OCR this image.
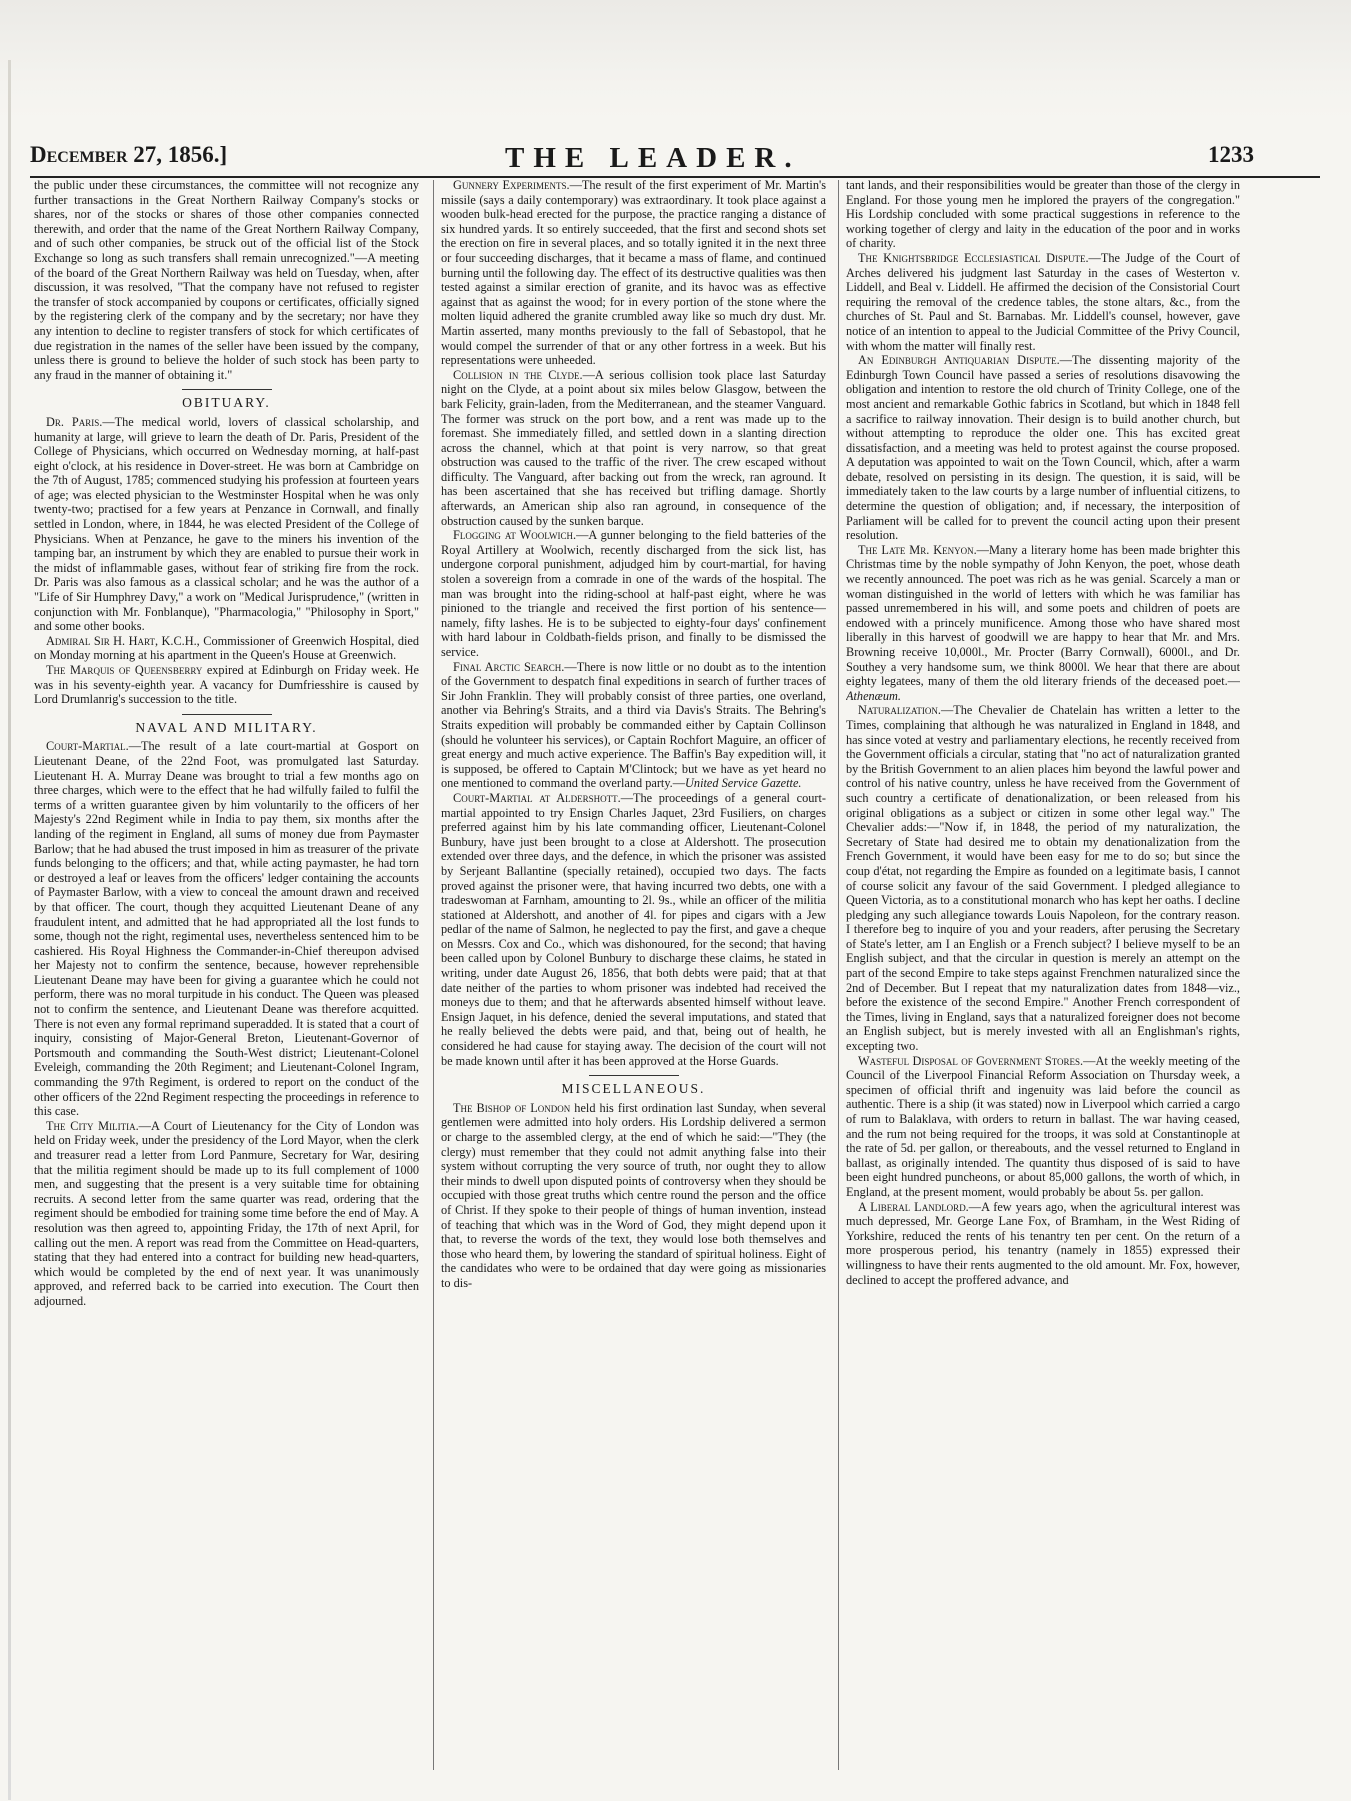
December 27, 1856.]	THE LEADER.	1233

the public under these circumstances, the committee will not recognize any further transactions in the Great Northern Railway Company's stocks or shares, nor of the stocks or shares of those other companies connected therewith, and order that the name of the Great Northern Railway Company, and of such other companies, be struck out of the official list of the Stock Exchange so long as such transfers shall remain unrecognized."—A meeting of the board of the Great Northern Railway was held on Tuesday, when, after discussion, it was resolved, "That the company have not refused to register the transfer of stock accompanied by coupons or certificates, officially signed by the registering clerk of the company and by the secretary; nor have they any intention to decline to register transfers of stock for which certificates of due registration in the names of the seller have been issued by the company, unless there is ground to believe the holder of such stock has been party to any fraud in the manner of obtaining it."

OBITUARY.

Dr. Paris.—The medical world, lovers of classical scholarship, and humanity at large, will grieve to learn the death of Dr. Paris, President of the College of Physicians, which occurred on Wednesday morning, at half-past eight o'clock, at his residence in Dover-street. He was born at Cambridge on the 7th of August, 1785; commenced studying his profession at fourteen years of age; was elected physician to the Westminster Hospital when he was only twenty-two; practised for a few years at Penzance in Cornwall, and finally settled in London, where, in 1844, he was elected President of the College of Physicians. When at Penzance, he gave to the miners his invention of the tamping bar, an instrument by which they are enabled to pursue their work in the midst of inflammable gases, without fear of striking fire from the rock. Dr. Paris was also famous as a classical scholar; and he was the author of a "Life of Sir Humphrey Davy," a work on "Medical Jurisprudence," (written in conjunction with Mr. Fonblanque), "Pharmacologia," "Philosophy in Sport," and some other books.

Admiral Sir H. Hart, K.C.H., Commissioner of Greenwich Hospital, died on Monday morning at his apartment in the Queen's House at Greenwich.

The Marquis of Queensberry expired at Edinburgh on Friday week. He was in his seventy-eighth year. A vacancy for Dumfriesshire is caused by Lord Drumlanrig's succession to the title.

NAVAL AND MILITARY.

Court-Martial.—The result of a late court-martial at Gosport on Lieutenant Deane, of the 22nd Foot, was promulgated last Saturday. Lieutenant H. A. Murray Deane was brought to trial a few months ago on three charges, which were to the effect that he had wilfully failed to fulfil the terms of a written guarantee given by him voluntarily to the officers of her Majesty's 22nd Regiment while in India to pay them, six months after the landing of the regiment in England, all sums of money due from Paymaster Barlow; that he had abused the trust imposed in him as treasurer of the private funds belonging to the officers; and that, while acting paymaster, he had torn or destroyed a leaf or leaves from the officers' ledger containing the accounts of Paymaster Barlow, with a view to conceal the amount drawn and received by that officer. The court, though they acquitted Lieutenant Deane of any fraudulent intent, and admitted that he had appropriated all the lost funds to some, though not the right, regimental uses, nevertheless sentenced him to be cashiered. His Royal Highness the Commander-in-Chief thereupon advised her Majesty not to confirm the sentence, because, however reprehensible Lieutenant Deane may have been for giving a guarantee which he could not perform, there was no moral turpitude in his conduct. The Queen was pleased not to confirm the sentence, and Lieutenant Deane was therefore acquitted. There is not even any formal reprimand superadded. It is stated that a court of inquiry, consisting of Major-General Breton, Lieutenant-Governor of Portsmouth and commanding the South-West district; Lieutenant-Colonel Eveleigh, commanding the 20th Regiment; and Lieutenant-Colonel Ingram, commanding the 97th Regiment, is ordered to report on the conduct of the other officers of the 22nd Regiment respecting the proceedings in reference to this case.

The City Militia.—A Court of Lieutenancy for the City of London was held on Friday week, under the presidency of the Lord Mayor, when the clerk and treasurer read a letter from Lord Panmure, Secretary for War, desiring that the militia regiment should be made up to its full complement of 1000 men, and suggesting that the present is a very suitable time for obtaining recruits. A second letter from the same quarter was read, ordering that the regiment should be embodied for training some time before the end of May. A resolution was then agreed to, appointing Friday, the 17th of next April, for calling out the men. A report was read from the Committee on Head-quarters, stating that they had entered into a contract for building new head-quarters, which would be completed by the end of next year. It was unanimously approved, and referred back to be carried into execution. The Court then adjourned.

Gunnery Experiments.—The result of the first experiment of Mr. Martin's missile (says a daily contemporary) was extraordinary. It took place against a wooden bulk-head erected for the purpose, the practice ranging a distance of six hundred yards. It so entirely succeeded, that the first and second shots set the erection on fire in several places, and so totally ignited it in the next three or four succeeding discharges, that it became a mass of flame, and continued burning until the following day. The effect of its destructive qualities was then tested against a similar erection of granite, and its havoc was as effective against that as against the wood; for in every portion of the stone where the molten liquid adhered the granite crumbled away like so much dry dust. Mr. Martin asserted, many months previously to the fall of Sebastopol, that he would compel the surrender of that or any other fortress in a week. But his representations were unheeded.

Collision in the Clyde.—A serious collision took place last Saturday night on the Clyde, at a point about six miles below Glasgow, between the bark Felicity, grain-laden, from the Mediterranean, and the steamer Vanguard. The former was struck on the port bow, and a rent was made up to the foremast. She immediately filled, and settled down in a slanting direction across the channel, which at that point is very narrow, so that great obstruction was caused to the traffic of the river. The crew escaped without difficulty. The Vanguard, after backing out from the wreck, ran aground. It has been ascertained that she has received but trifling damage. Shortly afterwards, an American ship also ran aground, in consequence of the obstruction caused by the sunken barque.

Flogging at Woolwich.—A gunner belonging to the field batteries of the Royal Artillery at Woolwich, recently discharged from the sick list, has undergone corporal punishment, adjudged him by court-martial, for having stolen a sovereign from a comrade in one of the wards of the hospital. The man was brought into the riding-school at half-past eight, where he was pinioned to the triangle and received the first portion of his sentence—namely, fifty lashes. He is to be subjected to eighty-four days' confinement with hard labour in Coldbath-fields prison, and finally to be dismissed the service.

Final Arctic Search.—There is now little or no doubt as to the intention of the Government to despatch final expeditions in search of further traces of Sir John Franklin. They will probably consist of three parties, one overland, another via Behring's Straits, and a third via Davis's Straits. The Behring's Straits expedition will probably be commanded either by Captain Collinson (should he volunteer his services), or Captain Rochfort Maguire, an officer of great energy and much active experience. The Baffin's Bay expedition will, it is supposed, be offered to Captain M'Clintock; but we have as yet heard no one mentioned to command the overland party.—United Service Gazette.

Court-Martial at Aldershott.—The proceedings of a general court-martial appointed to try Ensign Charles Jaquet, 23rd Fusiliers, on charges preferred against him by his late commanding officer, Lieutenant-Colonel Bunbury, have just been brought to a close at Aldershott. The prosecution extended over three days, and the defence, in which the prisoner was assisted by Serjeant Ballantine (specially retained), occupied two days. The facts proved against the prisoner were, that having incurred two debts, one with a tradeswoman at Farnham, amounting to 2l. 9s., while an officer of the militia stationed at Aldershott, and another of 4l. for pipes and cigars with a Jew pedlar of the name of Salmon, he neglected to pay the first, and gave a cheque on Messrs. Cox and Co., which was dishonoured, for the second; that having been called upon by Colonel Bunbury to discharge these claims, he stated in writing, under date August 26, 1856, that both debts were paid; that at that date neither of the parties to whom prisoner was indebted had received the moneys due to them; and that he afterwards absented himself without leave. Ensign Jaquet, in his defence, denied the several imputations, and stated that he really believed the debts were paid, and that, being out of health, he considered he had cause for staying away. The decision of the court will not be made known until after it has been approved at the Horse Guards.

MISCELLANEOUS.

The Bishop of London held his first ordination last Sunday, when several gentlemen were admitted into holy orders. His Lordship delivered a sermon or charge to the assembled clergy, at the end of which he said:—"They (the clergy) must remember that they could not admit anything false into their system without corrupting the very source of truth, nor ought they to allow their minds to dwell upon disputed points of controversy when they should be occupied with those great truths which centre round the person and the office of Christ. If they spoke to their people of things of human invention, instead of teaching that which was in the Word of God, they might depend upon it that, to reverse the words of the text, they would lose both themselves and those who heard them, by lowering the standard of spiritual holiness. Eight of the candidates who were to be ordained that day were going as missionaries to dis-

tant lands, and their responsibilities would be greater than those of the clergy in England. For those young men he implored the prayers of the congregation." His Lordship concluded with some practical suggestions in reference to the working together of clergy and laity in the education of the poor and in works of charity.

The Knightsbridge Ecclesiastical Dispute.—The Judge of the Court of Arches delivered his judgment last Saturday in the cases of Westerton v. Liddell, and Beal v. Liddell. He affirmed the decision of the Consistorial Court requiring the removal of the credence tables, the stone altars, &c., from the churches of St. Paul and St. Barnabas. Mr. Liddell's counsel, however, gave notice of an intention to appeal to the Judicial Committee of the Privy Council, with whom the matter will finally rest.

An Edinburgh Antiquarian Dispute.—The dissenting majority of the Edinburgh Town Council have passed a series of resolutions disavowing the obligation and intention to restore the old church of Trinity College, one of the most ancient and remarkable Gothic fabrics in Scotland, but which in 1848 fell a sacrifice to railway innovation. Their design is to build another church, but without attempting to reproduce the older one. This has excited great dissatisfaction, and a meeting was held to protest against the course proposed. A deputation was appointed to wait on the Town Council, which, after a warm debate, resolved on persisting in its design. The question, it is said, will be immediately taken to the law courts by a large number of influential citizens, to determine the question of obligation; and, if necessary, the interposition of Parliament will be called for to prevent the council acting upon their present resolution.

The Late Mr. Kenyon.—Many a literary home has been made brighter this Christmas time by the noble sympathy of John Kenyon, the poet, whose death we recently announced. The poet was rich as he was genial. Scarcely a man or woman distinguished in the world of letters with which he was familiar has passed unremembered in his will, and some poets and children of poets are endowed with a princely munificence. Among those who have shared most liberally in this harvest of goodwill we are happy to hear that Mr. and Mrs. Browning receive 10,000l., Mr. Procter (Barry Cornwall), 6000l., and Dr. Southey a very handsome sum, we think 8000l. We hear that there are about eighty legatees, many of them the old literary friends of the deceased poet.—Athenæum.

Naturalization.—The Chevalier de Chatelain has written a letter to the Times, complaining that although he was naturalized in England in 1848, and has since voted at vestry and parliamentary elections, he recently received from the Government officials a circular, stating that "no act of naturalization granted by the British Government to an alien places him beyond the lawful power and control of his native country, unless he have received from the Government of such country a certificate of denationalization, or been released from his original obligations as a subject or citizen in some other legal way." The Chevalier adds:—"Now if, in 1848, the period of my naturalization, the Secretary of State had desired me to obtain my denationalization from the French Government, it would have been easy for me to do so; but since the coup d'état, not regarding the Empire as founded on a legitimate basis, I cannot of course solicit any favour of the said Government. I pledged allegiance to Queen Victoria, as to a constitutional monarch who has kept her oaths. I decline pledging any such allegiance towards Louis Napoleon, for the contrary reason. I therefore beg to inquire of you and your readers, after perusing the Secretary of State's letter, am I an English or a French subject? I believe myself to be an English subject, and that the circular in question is merely an attempt on the part of the second Empire to take steps against Frenchmen naturalized since the 2nd of December. But I repeat that my naturalization dates from 1848—viz., before the existence of the second Empire." Another French correspondent of the Times, living in England, says that a naturalized foreigner does not become an English subject, but is merely invested with all an Englishman's rights, excepting two.

Wasteful Disposal of Government Stores.—At the weekly meeting of the Council of the Liverpool Financial Reform Association on Thursday week, a specimen of official thrift and ingenuity was laid before the council as authentic. There is a ship (it was stated) now in Liverpool which carried a cargo of rum to Balaklava, with orders to return in ballast. The war having ceased, and the rum not being required for the troops, it was sold at Constantinople at the rate of 5d. per gallon, or thereabouts, and the vessel returned to England in ballast, as originally intended. The quantity thus disposed of is said to have been eight hundred puncheons, or about 85,000 gallons, the worth of which, in England, at the present moment, would probably be about 5s. per gallon.

A Liberal Landlord.—A few years ago, when the agricultural interest was much depressed, Mr. George Lane Fox, of Bramham, in the West Riding of Yorkshire, reduced the rents of his tenantry ten per cent. On the return of a more prosperous period, his tenantry (namely in 1855) expressed their willingness to have their rents augmented to the old amount. Mr. Fox, however, declined to accept the proffered advance, and
